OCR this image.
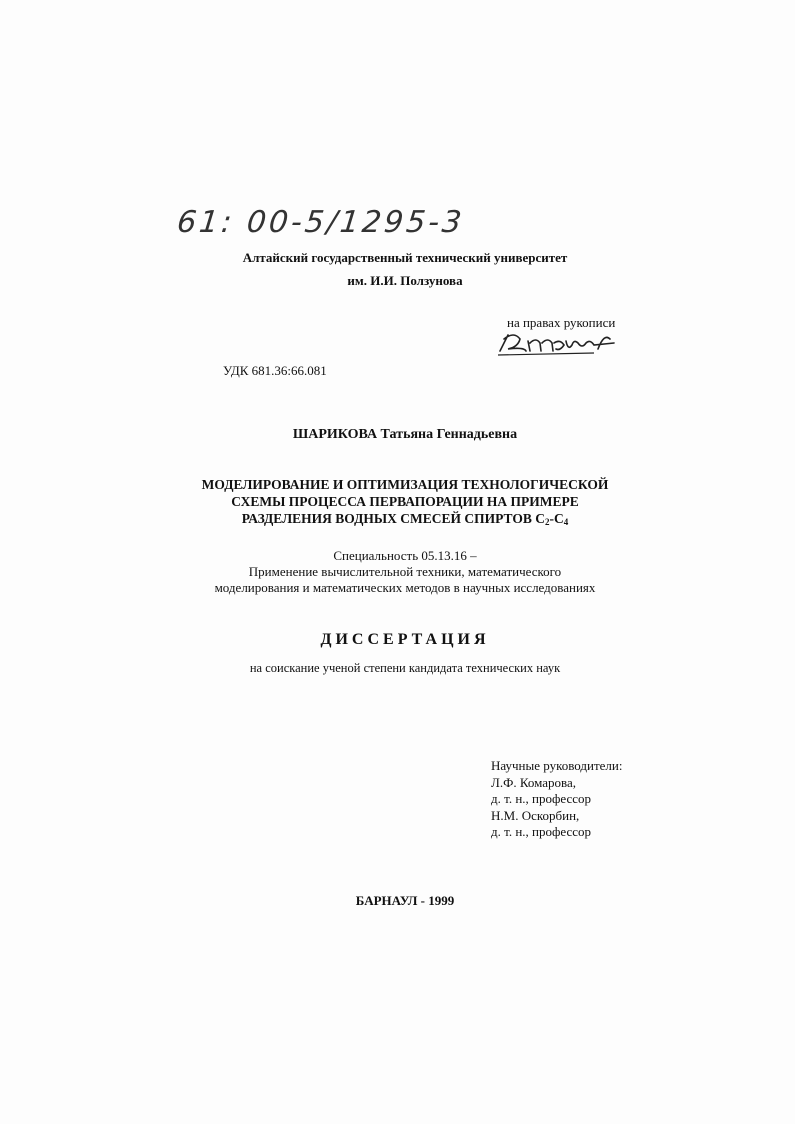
61: 00-5/1295-3
Алтайский государственный технический университет
им. И.И. Ползунова
на правах рукописи
УДК 681.36:66.081
ШАРИКОВА Татьяна Геннадьевна
МОДЕЛИРОВАНИЕ И ОПТИМИЗАЦИЯ ТЕХНОЛОГИЧЕСКОЙ
СХЕМЫ ПРОЦЕССА ПЕРВАПОРАЦИИ НА ПРИМЕРЕ
РАЗДЕЛЕНИЯ ВОДНЫХ СМЕСЕЙ СПИРТОВ $C_2-C_4$
Специальность 05.13.16 –
Применение вычислительной техники, математического
моделирования и математических методов в научных исследованиях
ДИССЕРТАЦИЯ
на соискание ученой степени кандидата технических наук
Научные руководители:
Л.Ф. Комарова,
д. т. н., профессор
Н.М. Оскорбин,
д. т. н., профессор
БАРНАУЛ - 1999
